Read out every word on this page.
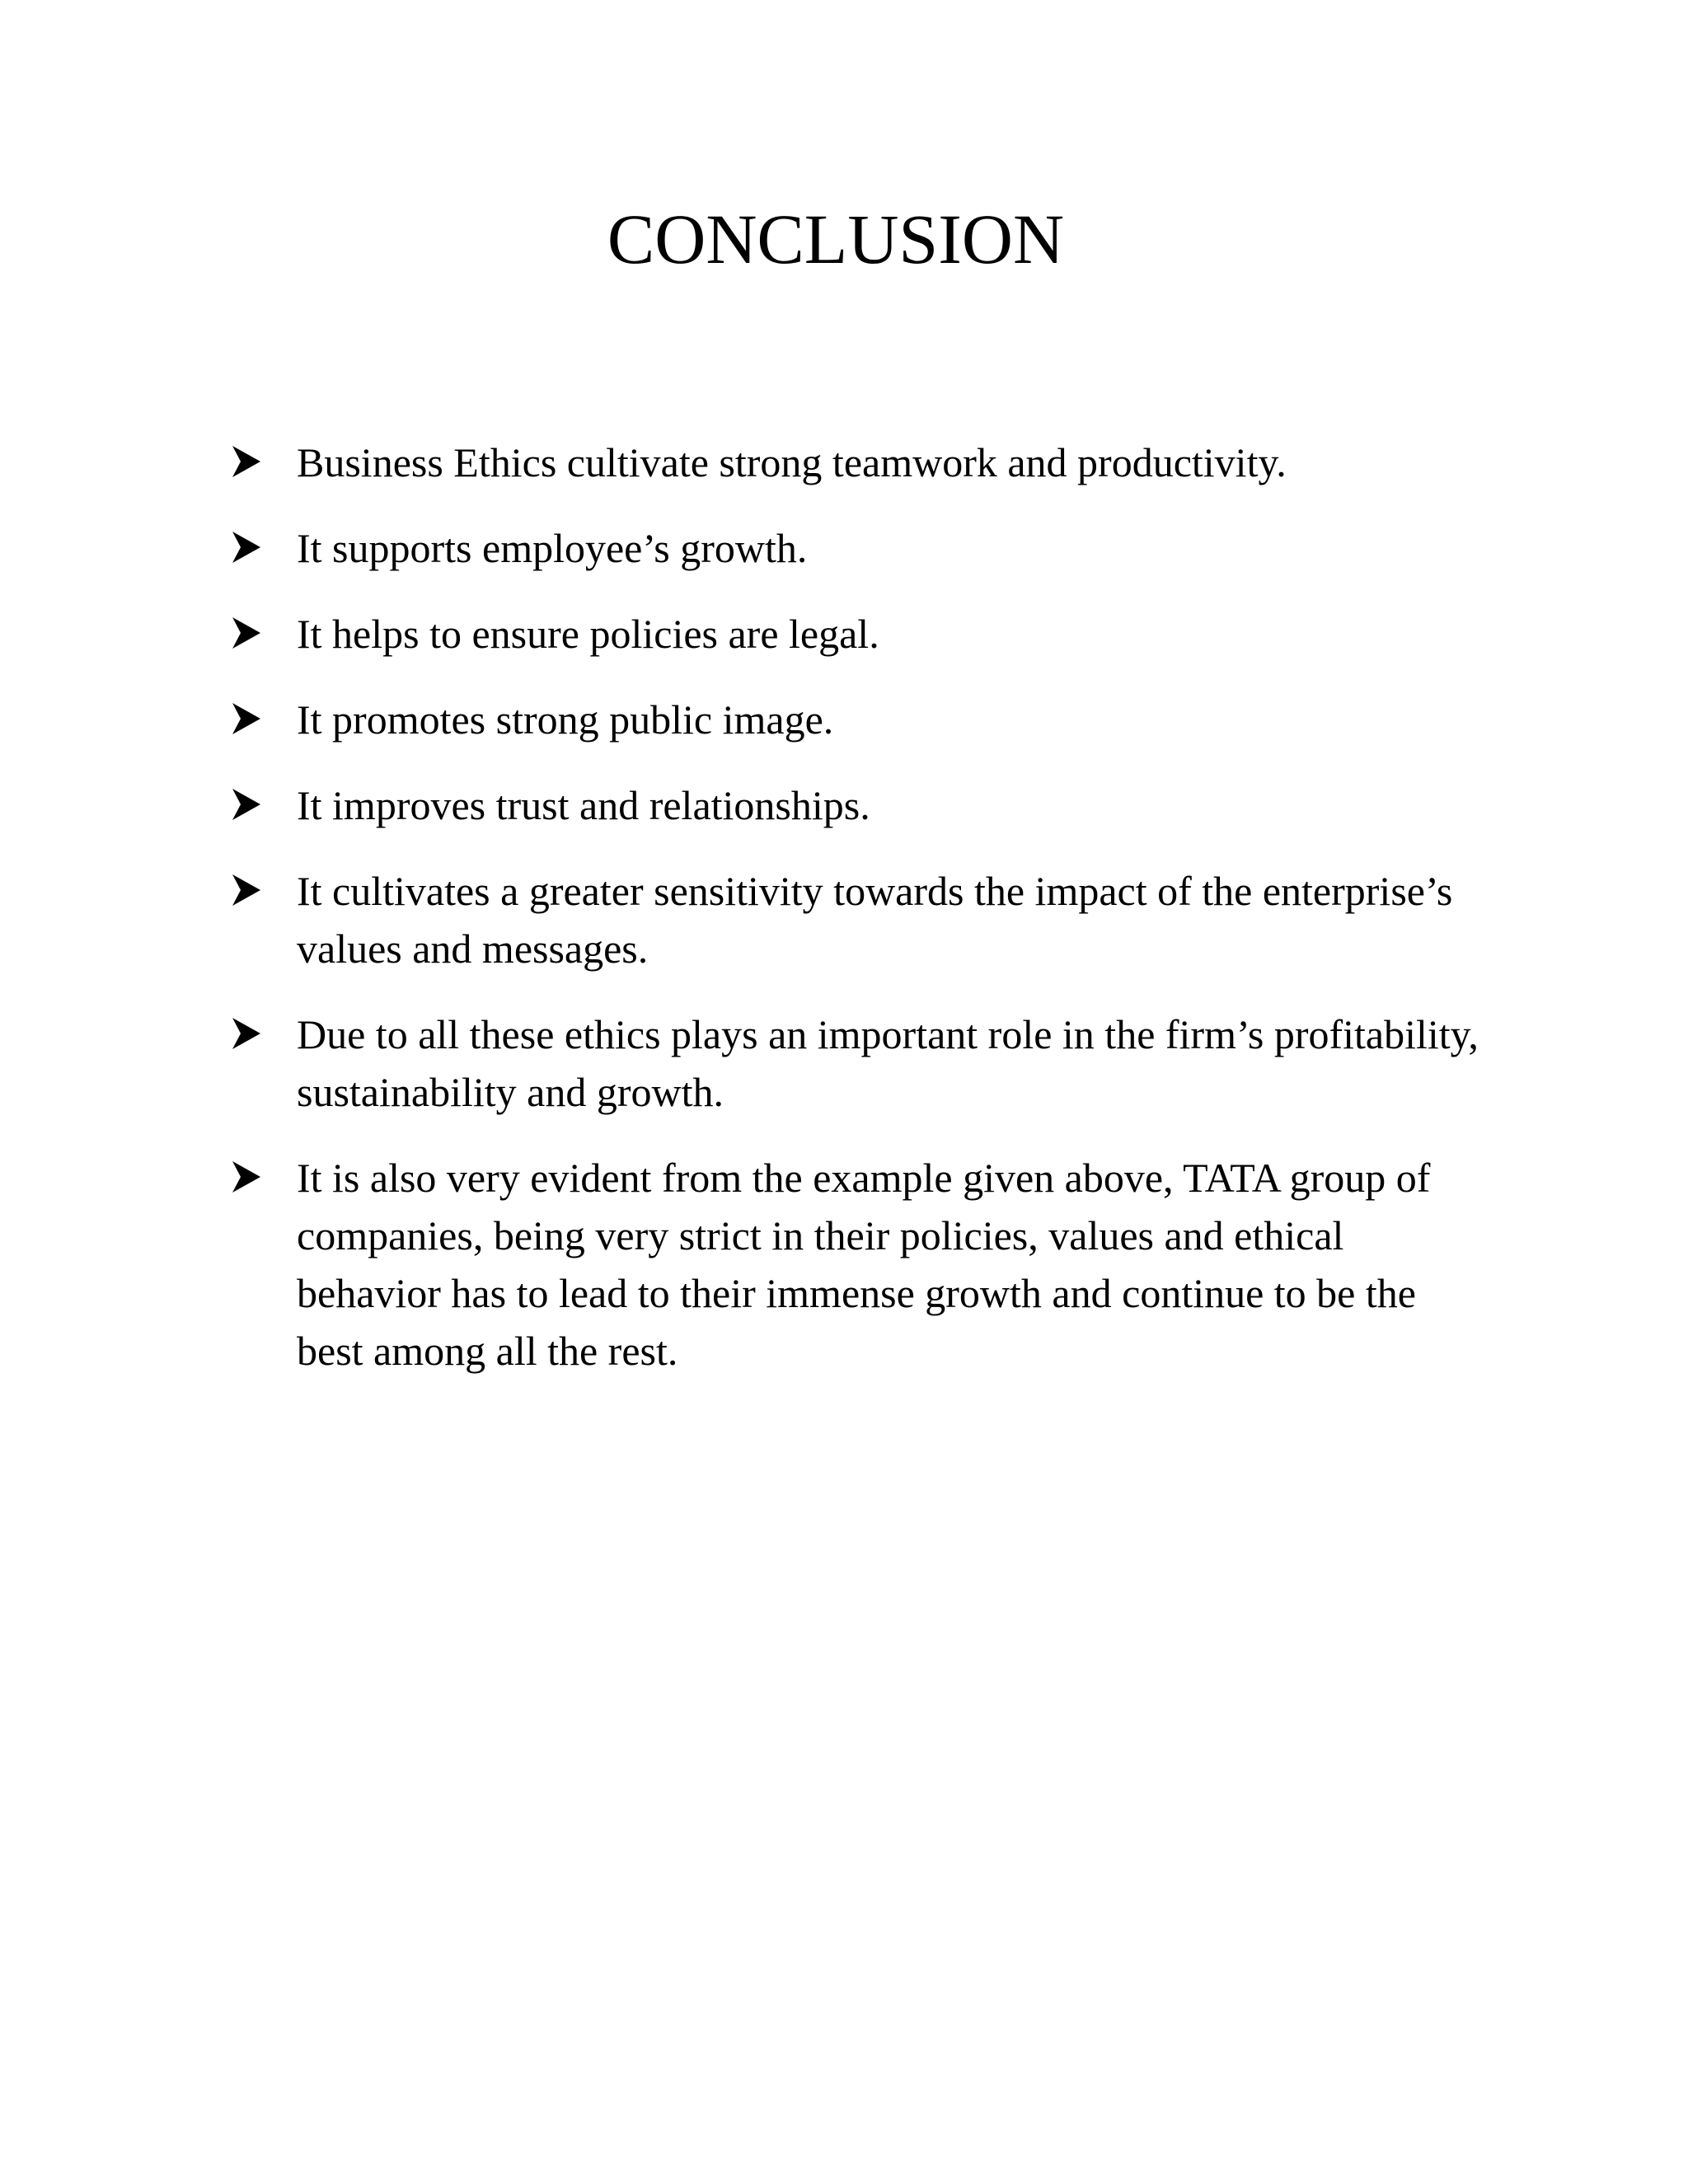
CONCLUSION
Business Ethics cultivate strong teamwork and productivity.
It supports employee’s growth.
It helps to ensure policies are legal.
It promotes strong public image.
It improves trust and relationships.
It cultivates a greater sensitivity towards the impact of the enterprise’s values and messages.
Due to all these ethics plays an important role in the firm’s profitability, sustainability and growth.
It is also very evident from the example given above, TATA group of companies, being very strict in their policies, values and ethical behavior has to lead to their immense growth and continue to be the best among all the rest.
